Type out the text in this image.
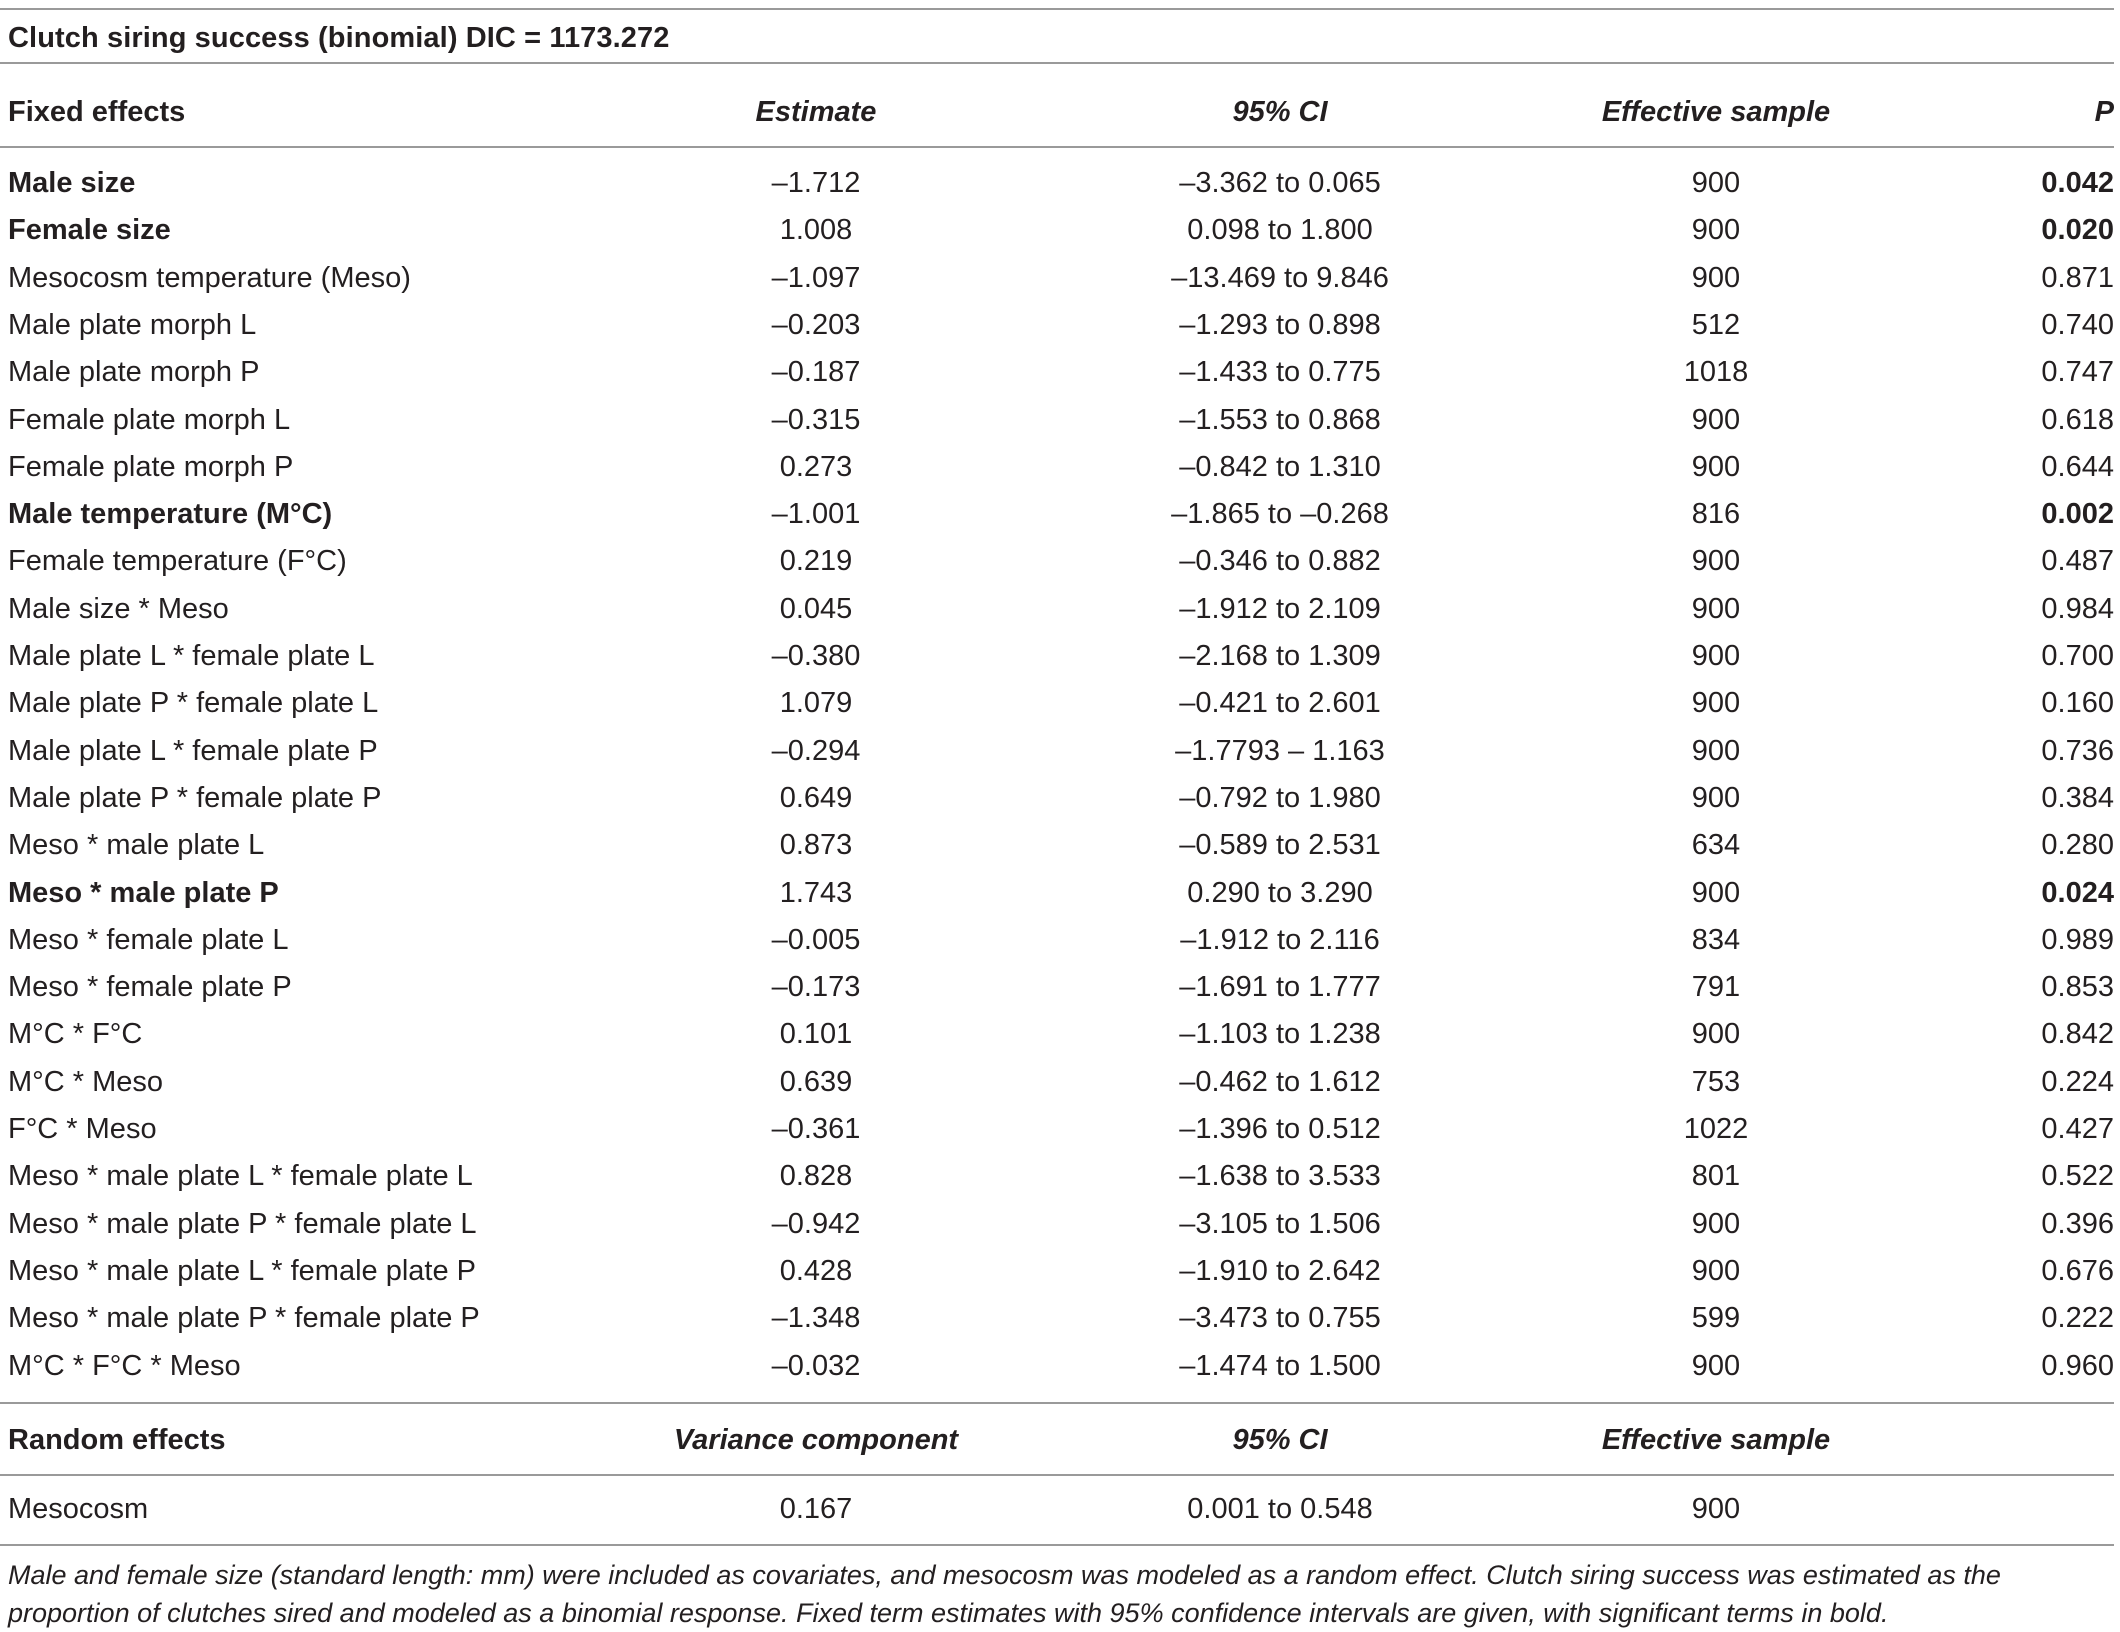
Clutch siring success (binomial) DIC = 1173.272
Fixed effects	Estimate	95% CI	Effective sample	P
Male size	–1.712	–3.362 to 0.065	900	0.042
Female size	1.008	0.098 to 1.800	900	0.020
Mesocosm temperature (Meso)	–1.097	–13.469 to 9.846	900	0.871
Male plate morph L	–0.203	–1.293 to 0.898	512	0.740
Male plate morph P	–0.187	–1.433 to 0.775	1018	0.747
Female plate morph L	–0.315	–1.553 to 0.868	900	0.618
Female plate morph P	0.273	–0.842 to 1.310	900	0.644
Male temperature (M°C)	–1.001	–1.865 to –0.268	816	0.002
Female temperature (F°C)	0.219	–0.346 to 0.882	900	0.487
Male size * Meso	0.045	–1.912 to 2.109	900	0.984
Male plate L * female plate L	–0.380	–2.168 to 1.309	900	0.700
Male plate P * female plate L	1.079	–0.421 to 2.601	900	0.160
Male plate L * female plate P	–0.294	–1.7793 – 1.163	900	0.736
Male plate P * female plate P	0.649	–0.792 to 1.980	900	0.384
Meso * male plate L	0.873	–0.589 to 2.531	634	0.280
Meso * male plate P	1.743	0.290 to 3.290	900	0.024
Meso * female plate L	–0.005	–1.912 to 2.116	834	0.989
Meso * female plate P	–0.173	–1.691 to 1.777	791	0.853
M°C * F°C	0.101	–1.103 to 1.238	900	0.842
M°C * Meso	0.639	–0.462 to 1.612	753	0.224
F°C * Meso	–0.361	–1.396 to 0.512	1022	0.427
Meso * male plate L * female plate L	0.828	–1.638 to 3.533	801	0.522
Meso * male plate P * female plate L	–0.942	–3.105 to 1.506	900	0.396
Meso * male plate L * female plate P	0.428	–1.910 to 2.642	900	0.676
Meso * male plate P * female plate P	–1.348	–3.473 to 0.755	599	0.222
M°C * F°C * Meso	–0.032	–1.474 to 1.500	900	0.960
Random effects	Variance component	95% CI	Effective sample
Mesocosm	0.167	0.001 to 0.548	900
Male and female size (standard length: mm) were included as covariates, and mesocosm was modeled as a random effect. Clutch siring success was estimated as the proportion of clutches sired and modeled as a binomial response. Fixed term estimates with 95% confidence intervals are given, with significant terms in bold.
